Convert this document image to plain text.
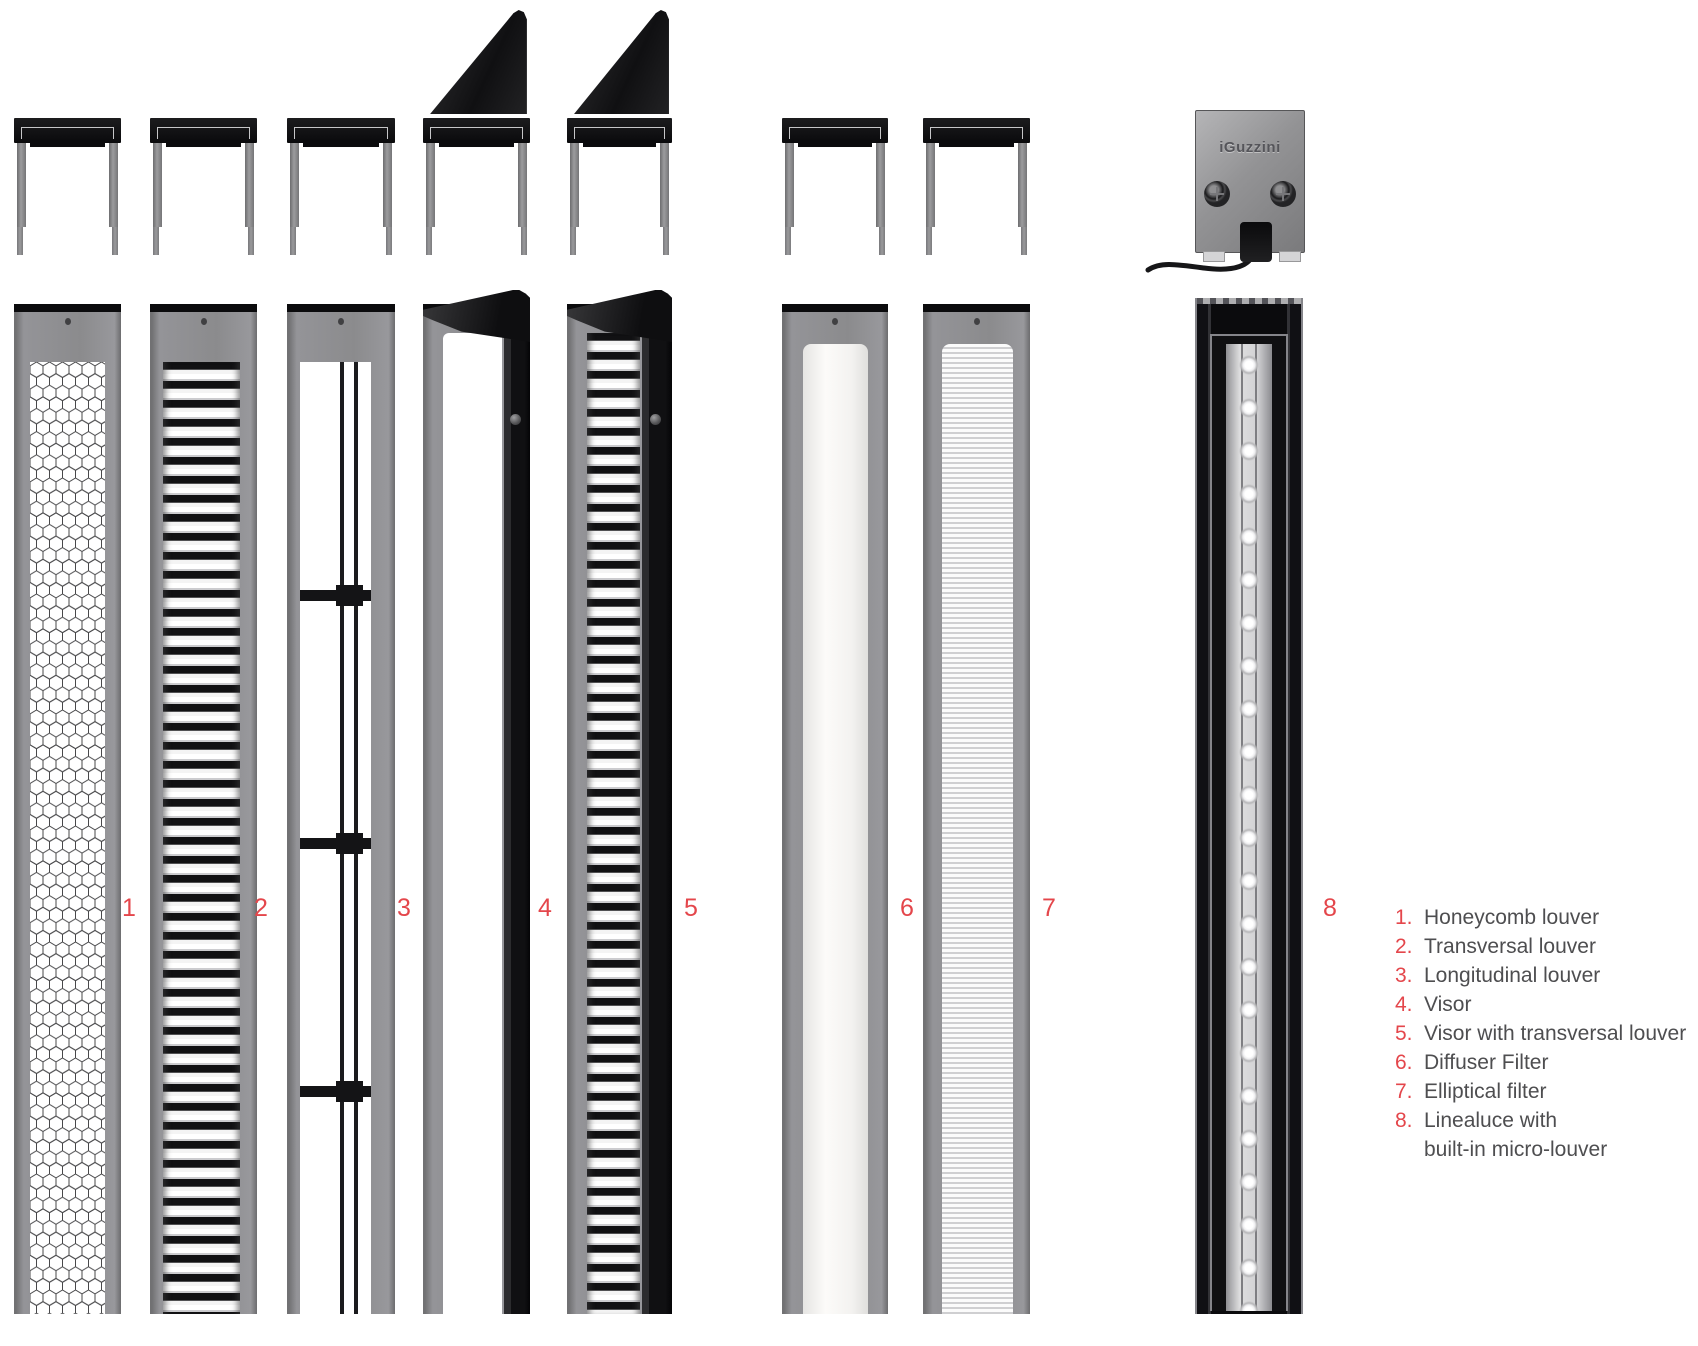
iGuzzini
1	2	3	4	5	6	7	8	1. Honeycomb louver
2. Transversal louver
3. Longitudinal louver
4. Visor
5. Visor with transversal louver
6. Diffuser Filter
7. Elliptical filter
8. Linealuce with
built-in micro-louver
